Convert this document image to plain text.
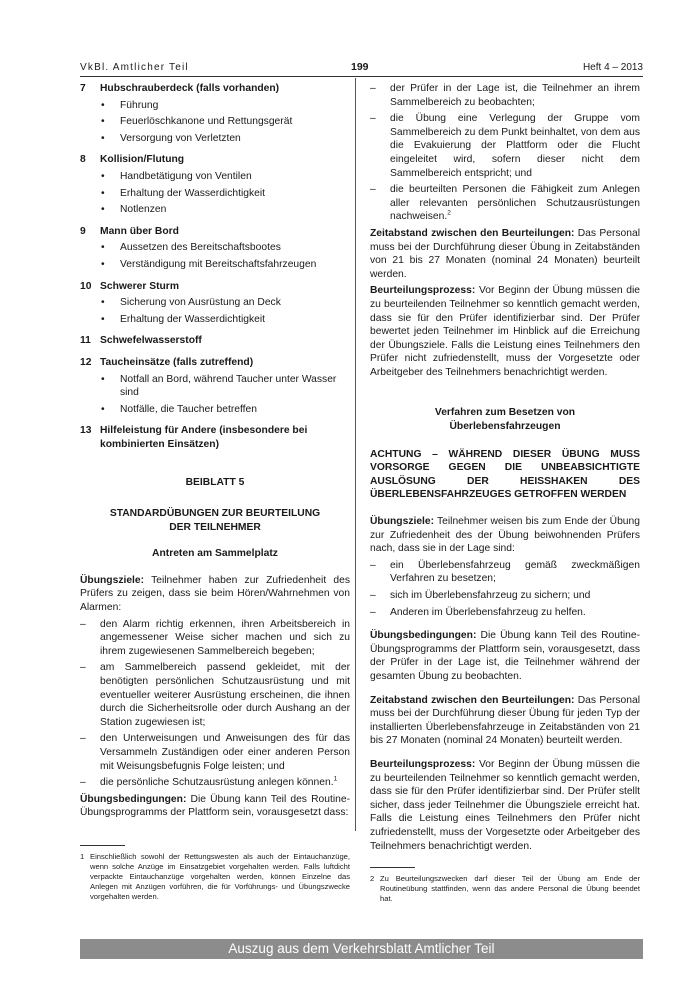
VkBl. Amtlicher Teil	199	Heft 4 – 2013
7	Hubschrauberdeck (falls vorhanden)
• Führung
• Feuerlöschkanone und Rettungsgerät
• Versorgung von Verletzten
8	Kollision/Flutung
• Handbetätigung von Ventilen
• Erhaltung der Wasserdichtigkeit
• Notlenzen
9	Mann über Bord
• Aussetzen des Bereitschaftsbootes
• Verständigung mit Bereitschaftsfahrzeugen
10 Schwerer Sturm
• Sicherung von Ausrüstung an Deck
• Erhaltung der Wasserdichtigkeit
11 Schwefelwasserstoff
12 Taucheinsätze (falls zutreffend)
• Notfall an Bord, während Taucher unter Wasser sind
• Notfälle, die Taucher betreffen
13 Hilfeleistung für Andere (insbesondere bei kombinierten Einsätzen)
BEIBLATT 5
STANDARDÜBUNGEN ZUR BEURTEILUNG DER TEILNEHMER
Antreten am Sammelplatz

Übungsziele: Teilnehmer haben zur Zufriedenheit des Prüfers zu zeigen, dass sie beim Hören/Wahrnehmen von Alarmen:

– den Alarm richtig erkennen, ihren Arbeitsbereich in angemessener Weise sicher machen und sich zu ihrem zugewiesenen Sammelbereich begeben;
– am Sammelbereich passend gekleidet, mit der benötigten persönlichen Schutzausrüstung und mit eventueller weiterer Ausrüstung erscheinen, die ihnen durch die Sicherheitsrolle oder durch Aushang an der Station zugewiesen ist;
– den Unterweisungen und Anweisungen des für das Versammeln Zuständigen oder einer anderen Person mit Weisungsbefugnis Folge leisten; und
– die persönliche Schutzausrüstung anlegen können.$^1$

Übungsbedingungen: Die Übung kann Teil des Routine-Übungsprogramms der Plattform sein, vorausgesetzt dass:

– der Prüfer in der Lage ist, die Teilnehmer an ihrem Sammelbereich zu beobachten;
– die Übung eine Verlegung der Gruppe vom Sammelbereich zu dem Punkt beinhaltet, von dem aus die Evakuierung der Plattform oder die Flucht eingeleitet wird, sofern dieser nicht dem Sammelbereich entspricht; und
– die beurteilten Personen die Fähigkeit zum Anlegen aller relevanten persönlichen Schutzausrüstungen nachweisen.$^2$

Zeitabstand zwischen den Beurteilungen: Das Personal muss bei der Durchführung dieser Übung in Zeitabständen von 21 bis 27 Monaten (nominal 24 Monaten) beurteilt werden.

Beurteilungsprozess: Vor Beginn der Übung müssen die zu beurteilenden Teilnehmer so kenntlich gemacht werden, dass sie für den Prüfer identifizierbar sind. Der Prüfer bewertet jeden Teilnehmer im Hinblick auf die Erreichung der Übungsziele. Falls die Leistung eines Teilnehmers den Prüfer nicht zufriedenstellt, muss der Vorgesetzte oder Arbeitgeber des Teilnehmers benachrichtigt werden.

Verfahren zum Besetzen von Überlebensfahrzeugen

ACHTUNG – WÄHREND DIESER ÜBUNG MUSS VORSORGE GEGEN DIE UNBEABSICHTIGTE AUSLÖSUNG DER HEISSHAKEN DES ÜBERLEBENSFAHRZEUGES GETROFFEN WERDEN

Übungsziele: Teilnehmer weisen bis zum Ende der Übung zur Zufriedenheit des der Übung beiwohnenden Prüfers nach, dass sie in der Lage sind:

– ein Überlebensfahrzeug gemäß zweckmäßigen Verfahren zu besetzen;
– sich im Überlebensfahrzeug zu sichern; und
– Anderen im Überlebensfahrzeug zu helfen.

Übungsbedingungen: Die Übung kann Teil des Routine-Übungsprogramms der Plattform sein, vorausgesetzt, dass der Prüfer in der Lage ist, die Teilnehmer während der gesamten Übung zu beobachten.

Zeitabstand zwischen den Beurteilungen: Das Personal muss bei der Durchführung dieser Übung für jeden Typ der installierten Überlebensfahrzeuge in Zeitabständen von 21 bis 27 Monaten (nominal 24 Monaten) beurteilt werden.

Beurteilungsprozess: Vor Beginn der Übung müssen die zu beurteilenden Teilnehmer so kenntlich gemacht werden, dass sie für den Prüfer identifizierbar sind. Der Prüfer stellt sicher, dass jeder Teilnehmer die Übungsziele erreicht hat. Falls die Leistung eines Teilnehmers den Prüfer nicht zufriedenstellt, muss der Vorgesetzte oder Arbeitgeber des Teilnehmers benachrichtigt werden.

1 Einschließlich sowohl der Rettungswesten als auch der Eintauchanzüge, wenn solche Anzüge im Einsatzgebiet vorgehalten werden. Falls luftdicht verpackte Eintauchanzüge vorgehalten werden, können Einzelne das Anlegen mit Anzügen vorführen, die für Vorführungs- und Übungszwecke vorgehalten werden.
2 Zu Beurteilungszwecken darf dieser Teil der Übung am Ende der Routineübung stattfinden, wenn das andere Personal die Übung beendet hat.
Auszug aus dem Verkehrsblatt Amtlicher Teil
